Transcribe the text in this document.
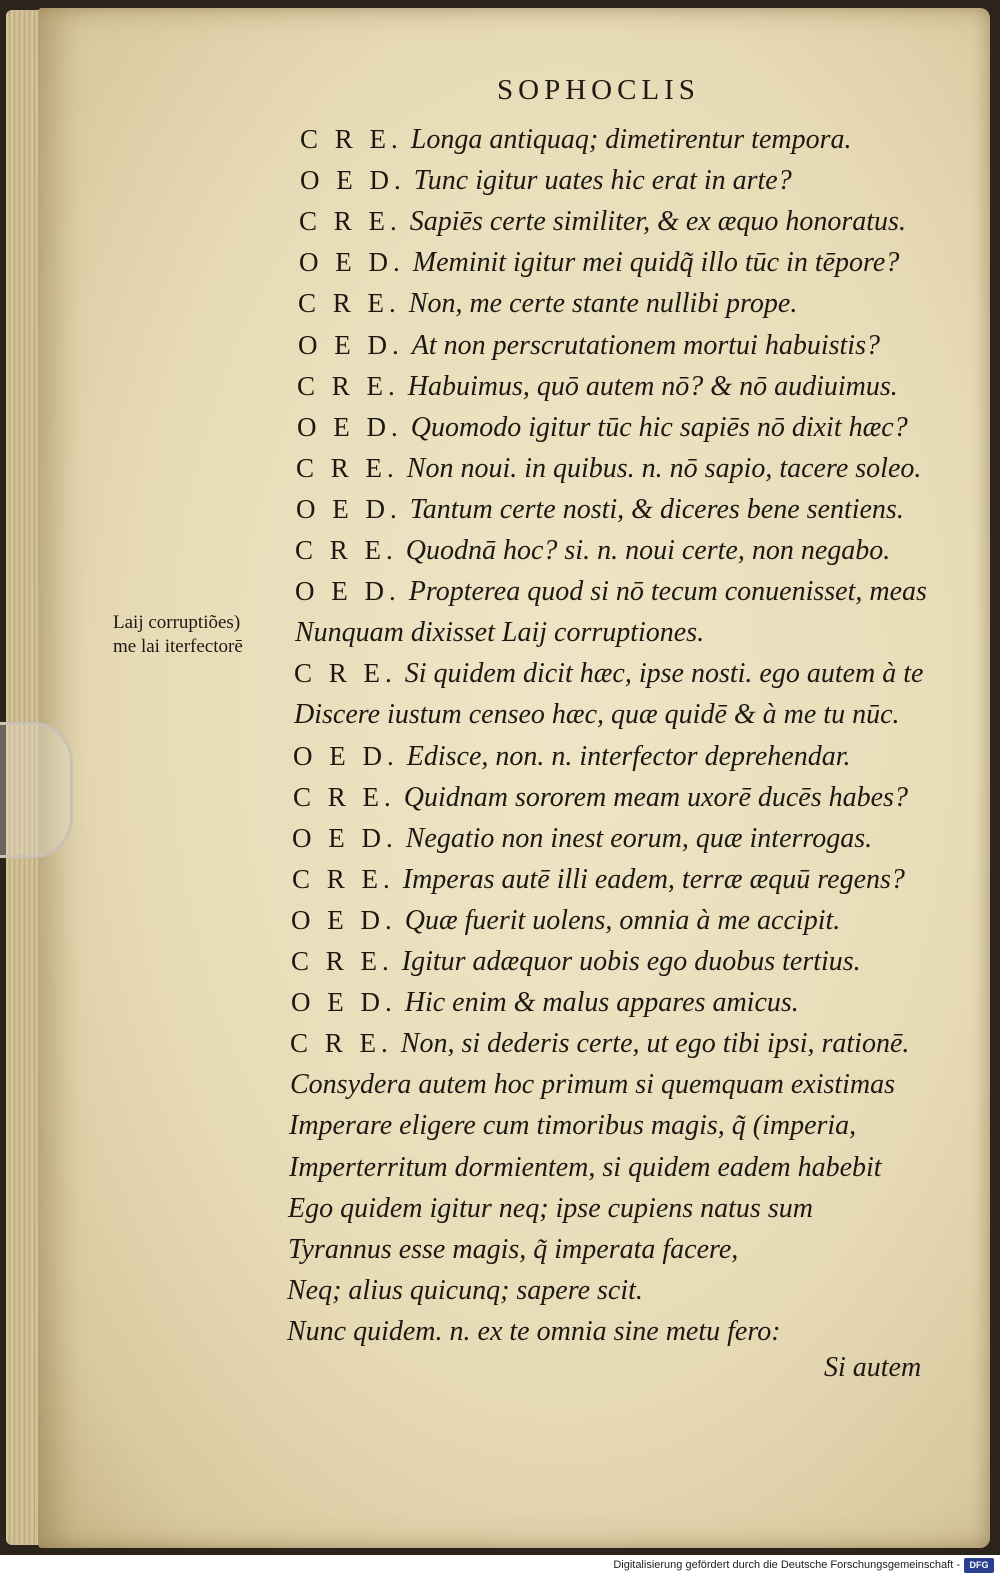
SOPHOCLIS
Laij corruptiões)
me lai iterfectorē
C R E. Longa antiquaq; dimetirentur tempora.
O E D. Tunc igitur uates hic erat in arte?
C R E. Sapiēs certe similiter, & ex æquo honoratus.
O E D. Meminit igitur mei quidq̃ illo tūc in tēpore?
C R E. Non, me certe stante nullibi prope.
O E D. At non perscrutationem mortui habuistis?
C R E. Habuimus, quō autem nō? & nō audiuimus.
O E D. Quomodo igitur tūc hic sapiēs nō dixit hæc?
C R E. Non noui. in quibus. n. nō sapio, tacere soleo.
O E D. Tantum certe nosti, & diceres bene sentiens.
C R E. Quodnā hoc? si. n. noui certe, non negabo.
O E D. Propterea quod si nō tecum conuenisset, meas
Nunquam dixisset Laij corruptiones.
C R E. Si quidem dicit hæc, ipse nosti. ego autem à te
Discere iustum censeo hæc, quæ quidē & à me tu nūc.
O E D. Edisce, non. n. interfector deprehendar.
C R E. Quidnam sororem meam uxorē ducēs habes?
O E D. Negatio non inest eorum, quæ interrogas.
C R E. Imperas autē illi eadem, terræ æquū regens?
O E D. Quæ fuerit uolens, omnia à me accipit.
C R E. Igitur adæquor uobis ego duobus tertius.
O E D. Hic enim & malus appares amicus.
C R E. Non, si dederis certe, ut ego tibi ipsi, rationē.
Consydera autem hoc primum si quemquam existimas
Imperare eligere cum timoribus magis, q̃ (imperia,
Imperterritum dormientem, si quidem eadem habebit
Ego quidem igitur neq; ipse cupiens natus sum
Tyrannus esse magis, q̃ imperata facere,
Neq; alius quicunq; sapere scit.
Nunc quidem. n. ex te omnia sine metu fero:
Si autem
Digitalisierung gefördert durch die Deutsche Forschungsgemeinschaft -	DFG
